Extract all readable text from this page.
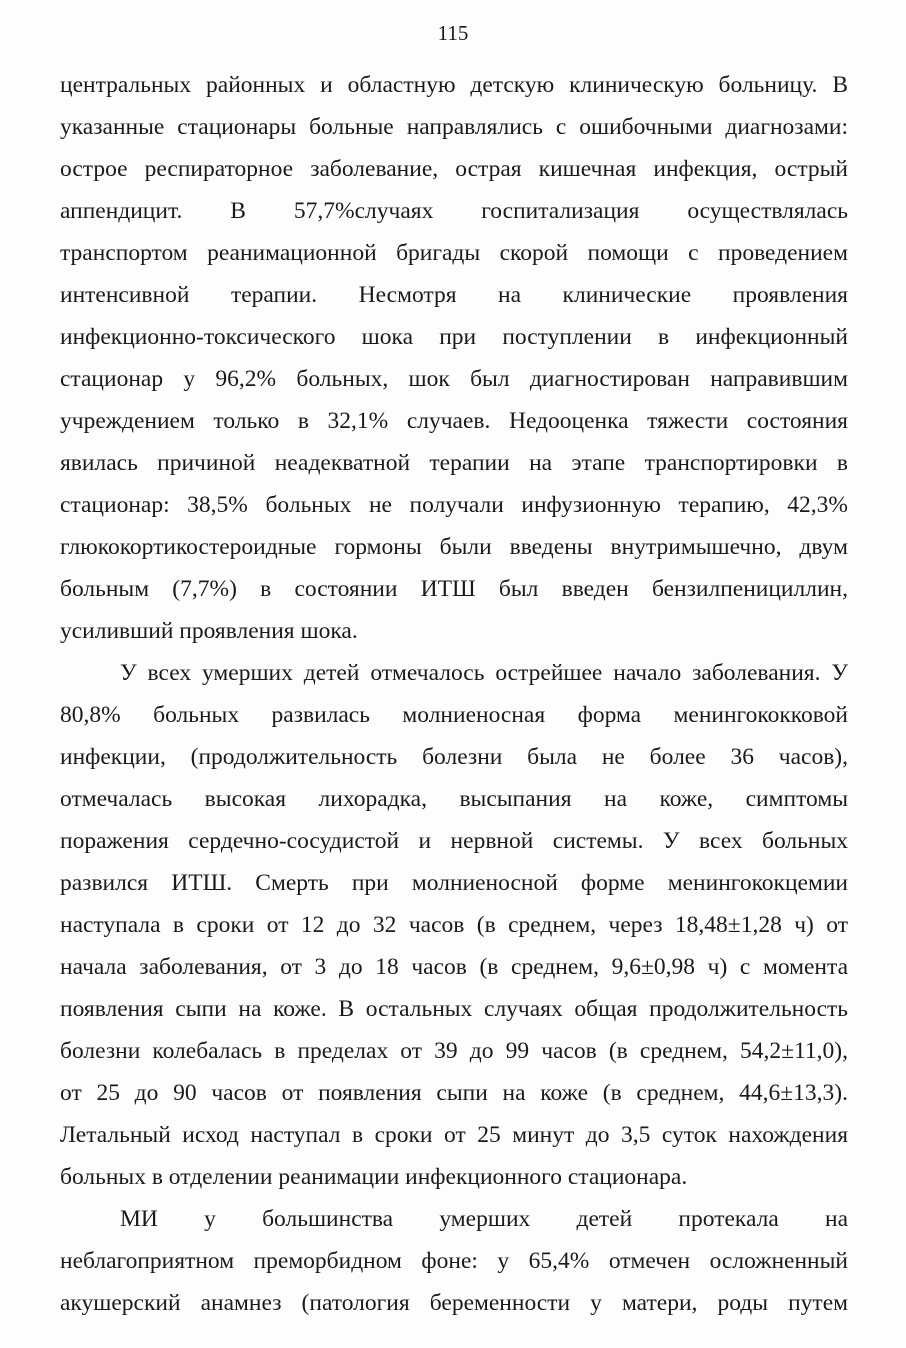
115
центральных районных и областную детскую клиническую больницу. В
указанные стационары больные направлялись с ошибочными диагнозами:
острое респираторное заболевание, острая кишечная инфекция, острый
аппендицит. В 57,7%случаях госпитализация осуществлялась
транспортом реанимационной бригады скорой помощи с проведением
интенсивной терапии. Несмотря на клинические проявления
инфекционно-токсического шока при поступлении в инфекционный
стационар у 96,2% больных, шок был диагностирован направившим
учреждением только в 32,1% случаев. Недооценка тяжести состояния
явилась причиной неадекватной терапии на этапе транспортировки в
стационар: 38,5% больных не получали инфузионную терапию, 42,3%
глюкокортикостероидные гормоны были введены внутримышечно, двум
больным (7,7%) в состоянии ИТШ был введен бензилпенициллин,
усиливший проявления шока.
У всех умерших детей отмечалось острейшее начало заболевания. У
80,8% больных развилась молниеносная форма менингококковой
инфекции, (продолжительность болезни была не более 36 часов),
отмечалась высокая лихорадка, высыпания на коже, симптомы
поражения сердечно-сосудистой и нервной системы. У всех больных
развился ИТШ. Смерть при молниеносной форме менингококцемии
наступала в сроки от 12 до 32 часов (в среднем, через 18,48±1,28 ч) от
начала заболевания, от 3 до 18 часов (в среднем, 9,6±0,98 ч) с момента
появления сыпи на коже. В остальных случаях общая продолжительность
болезни колебалась в пределах от 39 до 99 часов (в среднем, 54,2±11,0),
от 25 до 90 часов от появления сыпи на коже (в среднем, 44,6±13,3).
Летальный исход наступал в сроки от 25 минут до 3,5 суток нахождения
больных в отделении реанимации инфекционного стационара.
МИ у большинства умерших детей протекала на
неблагоприятном преморбидном фоне: у 65,4% отмечен осложненный
акушерский анамнез (патология беременности у матери, роды путем
